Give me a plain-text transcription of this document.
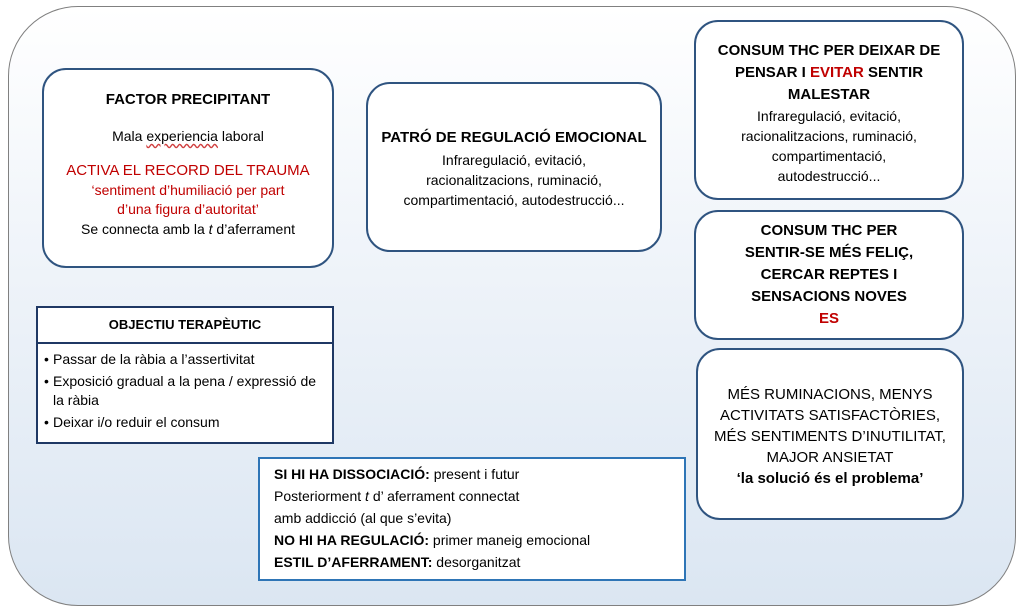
FACTOR PRECIPITANT
Mala experiencia laboral
ACTIVA EL RECORD DEL TRAUMA
‘sentiment d’humiliació per part d’una figura d’autoritat’
Se connecta amb la t d’aferrament
PATRÓ DE REGULACIÓ EMOCIONAL
Infraregulació, evitació, racionalitzacions, ruminació, compartimentació, autodestrucció...
CONSUM THC PER DEIXAR DE PENSAR I EVITAR SENTIR MALESTAR
Infraregulació, evitació, racionalitzacions, ruminació, compartimentació, autodestrucció...
CONSUM THC PER SENTIR-SE MÉS FELIÇ,
CERCAR REPTES I SENSACIONS NOVES
ES
MÉS RUMINACIONS, MENYS ACTIVITATS SATISFACTÒRIES, MÉS SENTIMENTS D’INUTILITAT, MAJOR ANSIETAT
‘la solució és el problema’
OBJECTIU TERAPÈUTIC
• Passar de la ràbia a l’assertivitat
• Exposició gradual a la pena / expressió de la ràbia
• Deixar i/o reduir el consum
SI HI HA DISSOCIACIÓ: present i futur
Posteriorment t d’ aferrament connectat
amb addicció (al que s’evita)
NO HI HA REGULACIÓ: primer maneig emocional
ESTIL D’AFERRAMENT: desorganitzat
